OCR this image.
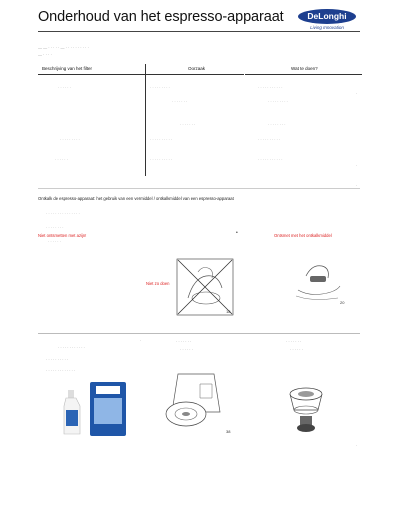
Onderhoud van het espresso-apparaat	DeLonghi
Living Innovation
— — · · · · · — · · · · · · · · · ·
— · · · ·
Beschrijving van het filter	Oorzaak	Wat te doen?
· · · · · ·	· · · · · · · · ·	· · · · · · · · · · ·
· · · · · · ·	· · · · · · · · ·
· · · · · · ·	· · · · · · · ·
· · · · · · · · ·	· · · · · · · · · ·	· · · · · · · · · ·
· · · · · ·	· · · · · · · · · ·	· · · · · · · · · · ·
·
·
·
Ontkalk de espresso-apparaat: het gebruik van een vermiddel / ontkalkmiddel van een espresso-apparaat
· · · · · · · · · · · · · · ·
· · · · · · · ·
Niet ontsmetten met azijn!
· · · · · ·
•	Ontsmet met het ontkalkmiddel
Niet zo doen
18
20
· · · · · · · · · · · ·
· · · · · · · · · ·
· · · · · · · · · · · · ·
·	· · · · · · ·
· · · · · ·
38
· · · · · · ·
· · · · · ·
·
